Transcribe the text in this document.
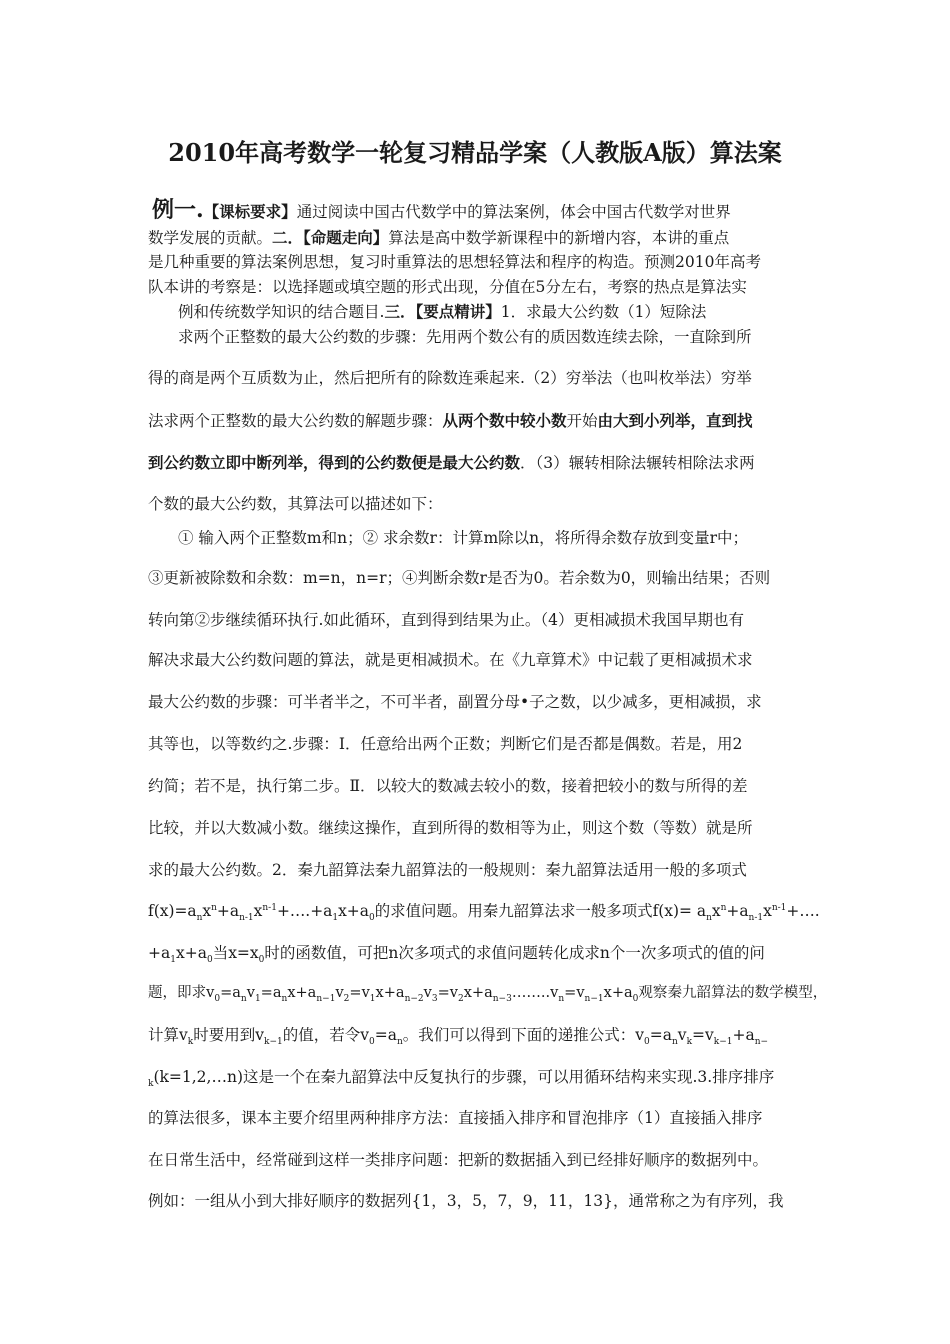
2010年高考数学一轮复习精品学案（人教版A版）算法案
例一.【课标要求】通过阅读中国古代数学中的算法案例，体会中国古代数学对世界
数学发展的贡献。二．【命题走向】算法是高中数学新课程中的新增内容，本讲的重点
是几种重要的算法案例思想，复习时重算法的思想轻算法和程序的构造。预测2010年高考
队本讲的考察是：以选择题或填空题的形式出现，分值在5分左右，考察的热点是算法实
例和传统数学知识的结合题目.三．【要点精讲】1．求最大公约数（1）短除法
求两个正整数的最大公约数的步骤：先用两个数公有的质因数连续去除，一直除到所
得的商是两个互质数为止，然后把所有的除数连乘起来.（2）穷举法（也叫枚举法）穷举
法求两个正整数的最大公约数的解题步骤：从两个数中较小数开始由大到小列举，直到找
到公约数立即中断列举，得到的公约数便是最大公约数．（3）辗转相除法辗转相除法求两
个数的最大公约数，其算法可以描述如下：
① 输入两个正整数m和n；② 求余数r：计算m除以n，将所得余数存放到变量r中；
③更新被除数和余数：m=n，n=r；④判断余数r是否为0。若余数为0，则输出结果；否则
转向第②步继续循环执行.如此循环，直到得到结果为止。（4）更相减损术我国早期也有
解决求最大公约数问题的算法，就是更相减损术。在《九章算术》中记载了更相减损术求
最大公约数的步骤：可半者半之，不可半者，副置分母•子之数，以少减多，更相减损，求
其等也，以等数约之.步骤：Ⅰ．任意给出两个正数；判断它们是否都是偶数。若是，用2
约简；若不是，执行第二步。Ⅱ．以较大的数减去较小的数，接着把较小的数与所得的差
比较，并以大数减小数。继续这操作，直到所得的数相等为止，则这个数（等数）就是所
求的最大公约数。2．秦九韶算法秦九韶算法的一般规则：秦九韶算法适用一般的多项式
$f(x)=a_nx^n+a_{n-1}x^{n-1}+\dots.+a_1x+a_0$的求值问题。用秦九韶算法求一般多项式$f(x)= a_nx^n+a_{n-1}x^{n-1}+\dots$.
$+a_1x+a_0$当$x=x_0$时的函数值，可把n次多项式的求值问题转化成求n个一次多项式的值的问
题，即求$v_0=a_nv_1=a_nx+a_{n-1}v_2=v_1x+a_{n-2}v_3=v_2x+a_{n-3}\dots\dots..v_n=v_{n-1}x+a_0$观察秦九韶算法的数学模型，
计算$v_k$时要用到$v_{k-1}$的值，若令$v_0=a_n$。我们可以得到下面的递推公式：$v_0=a_nv_k=v_{k-1}+a_{n-}$
$_k$(k=1,2,…n)这是一个在秦九韶算法中反复执行的步骤，可以用循环结构来实现.3.排序排序
的算法很多，课本主要介绍里两种排序方法：直接插入排序和冒泡排序（1）直接插入排序
在日常生活中，经常碰到这样一类排序问题：把新的数据插入到已经排好顺序的数据列中。
例如：一组从小到大排好顺序的数据列{1，3，5，7，9，11，13}，通常称之为有序列，我
